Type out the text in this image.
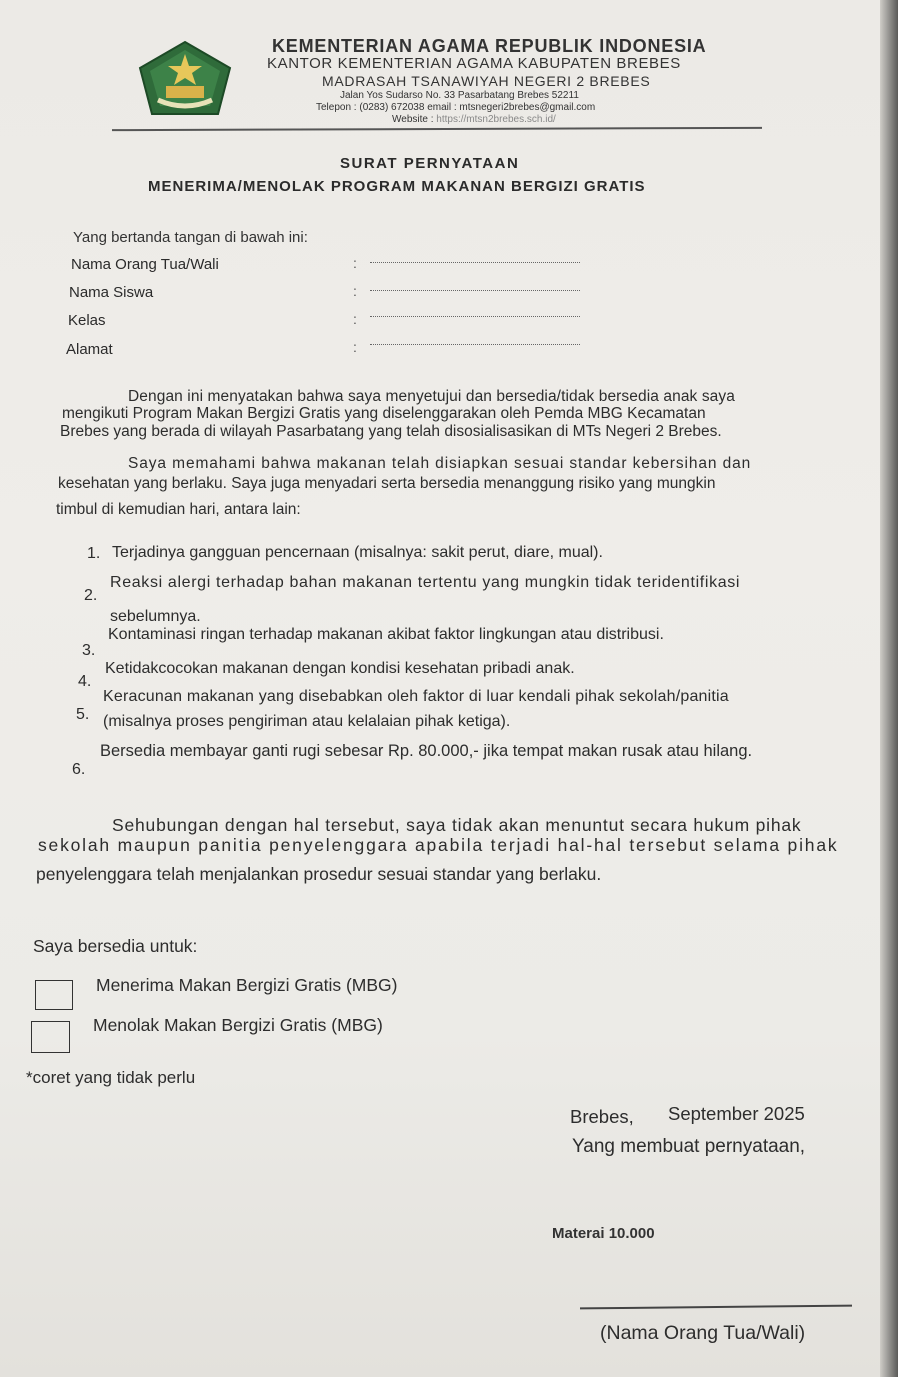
KEMENTERIAN AGAMA REPUBLIK INDONESIA
KANTOR KEMENTERIAN AGAMA KABUPATEN BREBES
MADRASAH TSANAWIYAH NEGERI 2 BREBES
Jalan Yos Sudarso No. 33 Pasarbatang Brebes 52211
Telepon : (0283) 672038 email : mtsnegeri2brebes@gmail.com
Website : https://mtsn2brebes.sch.id/
SURAT PERNYATAAN
MENERIMA/MENOLAK PROGRAM MAKANAN BERGIZI GRATIS
Yang bertanda tangan di bawah ini:
Nama Orang Tua/Wali	:
Nama Siswa	:
Kelas	:
Alamat	:
Dengan ini menyatakan bahwa saya menyetujui dan bersedia/tidak bersedia anak saya
mengikuti Program Makan Bergizi Gratis yang diselenggarakan oleh Pemda MBG Kecamatan
Brebes yang berada di wilayah Pasarbatang yang telah disosialisasikan di MTs Negeri 2 Brebes.
Saya memahami bahwa makanan telah disiapkan sesuai standar kebersihan dan
kesehatan yang berlaku. Saya juga menyadari serta bersedia menanggung risiko yang mungkin
timbul di kemudian hari, antara lain:
1. Terjadinya gangguan pencernaan (misalnya: sakit perut, diare, mual).
2.
Reaksi alergi terhadap bahan makanan tertentu yang mungkin tidak teridentifikasi
sebelumnya.
3.
Kontaminasi ringan terhadap makanan akibat faktor lingkungan atau distribusi.
4.
Ketidakcocokan makanan dengan kondisi kesehatan pribadi anak.
5.
Keracunan makanan yang disebabkan oleh faktor di luar kendali pihak sekolah/panitia
(misalnya proses pengiriman atau kelalaian pihak ketiga).
6.
Bersedia membayar ganti rugi sebesar Rp. 80.000,- jika tempat makan rusak atau hilang.
Sehubungan dengan hal tersebut, saya tidak akan menuntut secara hukum pihak
sekolah maupun panitia penyelenggara apabila terjadi hal-hal tersebut selama pihak
penyelenggara telah menjalankan prosedur sesuai standar yang berlaku.
Saya bersedia untuk:
Menerima Makan Bergizi Gratis (MBG)
Menolak Makan Bergizi Gratis (MBG)
*coret yang tidak perlu
Brebes, September 2025
Yang membuat pernyataan,
Materai 10.000
(Nama Orang Tua/Wali)
